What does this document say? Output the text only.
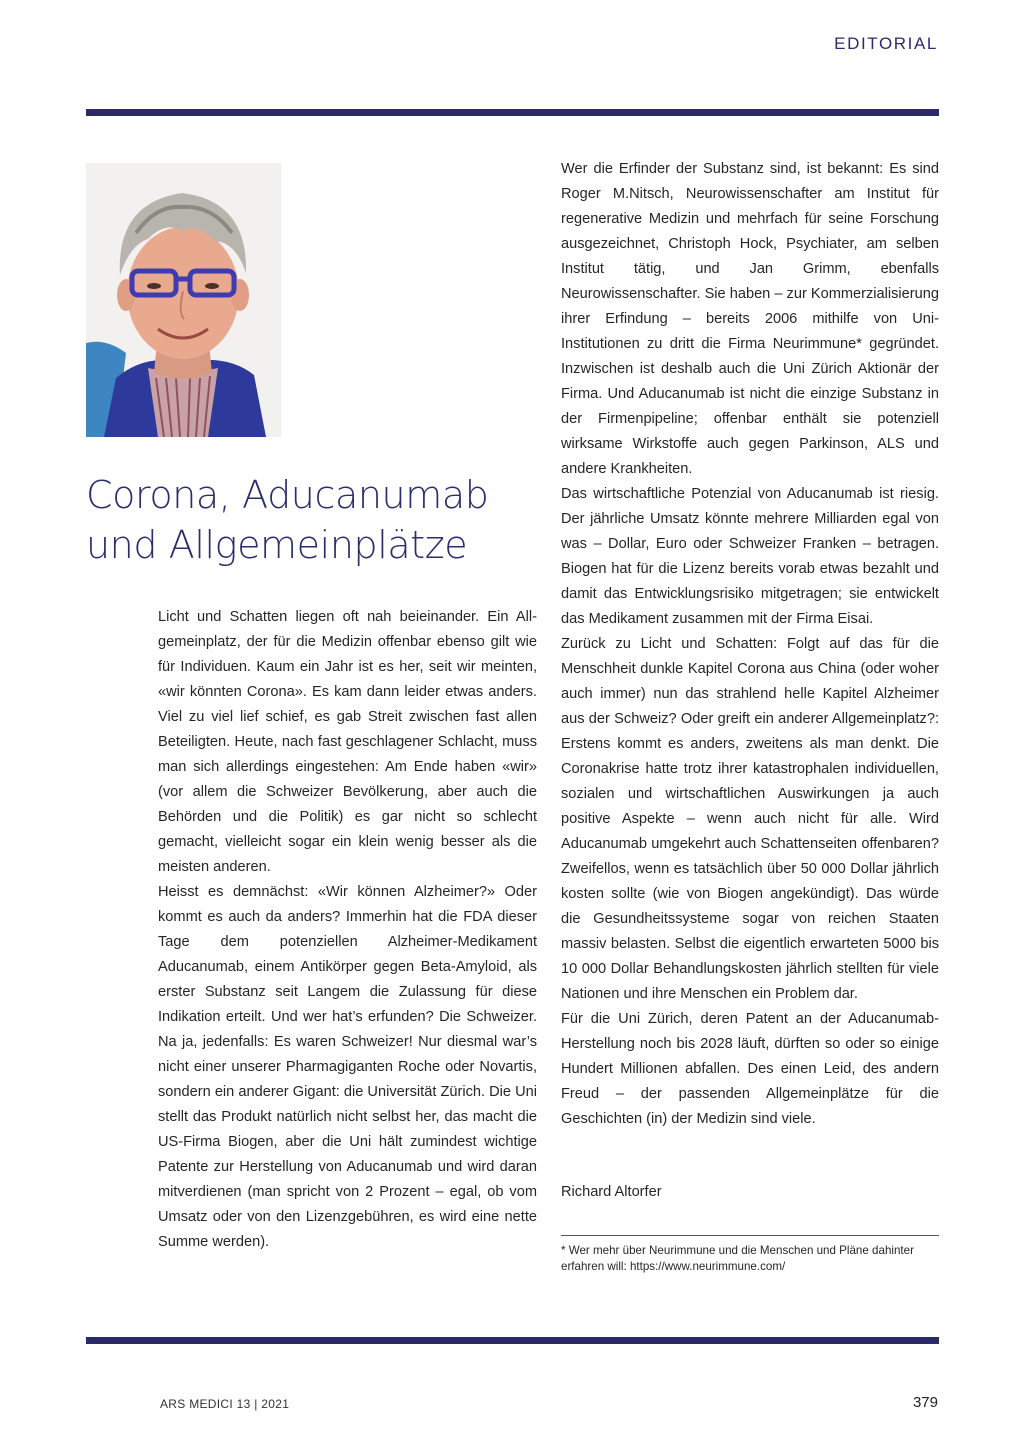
EDITORIAL
Corona, Aducanumab
und Allgemeinplätze

Licht und Schatten liegen oft nah beieinander. Ein Allgemeinplatz, der für die Medizin offenbar ebenso gilt wie für Individuen. Kaum ein Jahr ist es her, seit wir meinten, «wir könnten Corona». Es kam dann leider etwas anders. Viel zu viel lief schief, es gab Streit zwischen fast allen Beteiligten. Heute, nach fast geschlagener Schlacht, muss man sich allerdings eingestehen: Am Ende haben «wir» (vor allem die Schweizer Bevölkerung, aber auch die Behörden und die Politik) es gar nicht so schlecht gemacht, vielleicht sogar ein klein wenig besser als die meisten anderen.

Heisst es demnächst: «Wir können Alzheimer?» Oder kommt es auch da anders? Immerhin hat die FDA dieser Tage dem potenziellen Alzheimer-Medikament Aducanumab, einem Antikörper gegen Beta-Amyloid, als erster Substanz seit Langem die Zulassung für diese Indikation erteilt. Und wer hat’s erfunden? Die Schweizer. Na ja, jedenfalls: Es waren Schweizer! Nur diesmal war’s nicht einer unserer Pharmagiganten Roche oder Novartis, sondern ein anderer Gigant: die Universität Zürich. Die Uni stellt das Produkt natürlich nicht selbst her, das macht die US-Firma Biogen, aber die Uni hält zumindest wichtige Patente zur Herstellung von Aducanumab und wird daran mitverdienen (man spricht von 2 Prozent – egal, ob vom Umsatz oder von den Lizenzgebühren, es wird eine nette Summe werden).

Wer die Erfinder der Substanz sind, ist bekannt: Es sind Roger M.Nitsch, Neurowissenschafter am Institut für regenerative Medizin und mehrfach für seine Forschung ausgezeichnet, Christoph Hock, Psychiater, am selben Institut tätig, und Jan Grimm, ebenfalls Neurowissenschafter. Sie haben – zur Kommerzialisierung ihrer Erfindung – bereits 2006 mithilfe von Uni-Institutionen zu dritt die Firma Neurimmune* gegründet. Inzwischen ist deshalb auch die Uni Zürich Aktionär der Firma. Und Aducanumab ist nicht die einzige Substanz in der Firmenpipeline; offenbar enthält sie potenziell wirksame Wirkstoffe auch gegen Parkinson, ALS und andere Krankheiten.

Das wirtschaftliche Potenzial von Aducanumab ist riesig. Der jährliche Umsatz könnte mehrere Milliarden egal von was – Dollar, Euro oder Schweizer Franken – betragen. Biogen hat für die Lizenz bereits vorab etwas bezahlt und damit das Entwicklungsrisiko mitgetragen; sie entwickelt das Medikament zusammen mit der Firma Eisai.

Zurück zu Licht und Schatten: Folgt auf das für die Menschheit dunkle Kapitel Corona aus China (oder woher auch immer) nun das strahlend helle Kapitel Alzheimer aus der Schweiz? Oder greift ein anderer Allgemeinplatz?: Erstens kommt es anders, zweitens als man denkt. Die Coronakrise hatte trotz ihrer katastrophalen individuellen, sozialen und wirtschaftlichen Auswirkungen ja auch positive Aspekte – wenn auch nicht für alle. Wird Aducanumab umgekehrt auch Schattenseiten offenbaren? Zweifellos, wenn es tatsächlich über 50 000 Dollar jährlich kosten sollte (wie von Biogen angekündigt). Das würde die Gesundheitssysteme sogar von reichen Staaten massiv belasten. Selbst die eigentlich erwarteten 5000 bis 10 000 Dollar Behandlungskosten jährlich stellten für viele Nationen und ihre Menschen ein Problem dar.

Für die Uni Zürich, deren Patent an der Aducanumab-Herstellung noch bis 2028 läuft, dürften so oder so einige Hundert Millionen abfallen. Des einen Leid, des andern Freud – der passenden Allgemeinplätze für die Geschichten (in) der Medizin sind viele.

Richard Altorfer

* Wer mehr über Neurimmune und die Menschen und Pläne dahinter erfahren will: https://www.neurimmune.com/

ARS MEDICI 13 | 2021	379
